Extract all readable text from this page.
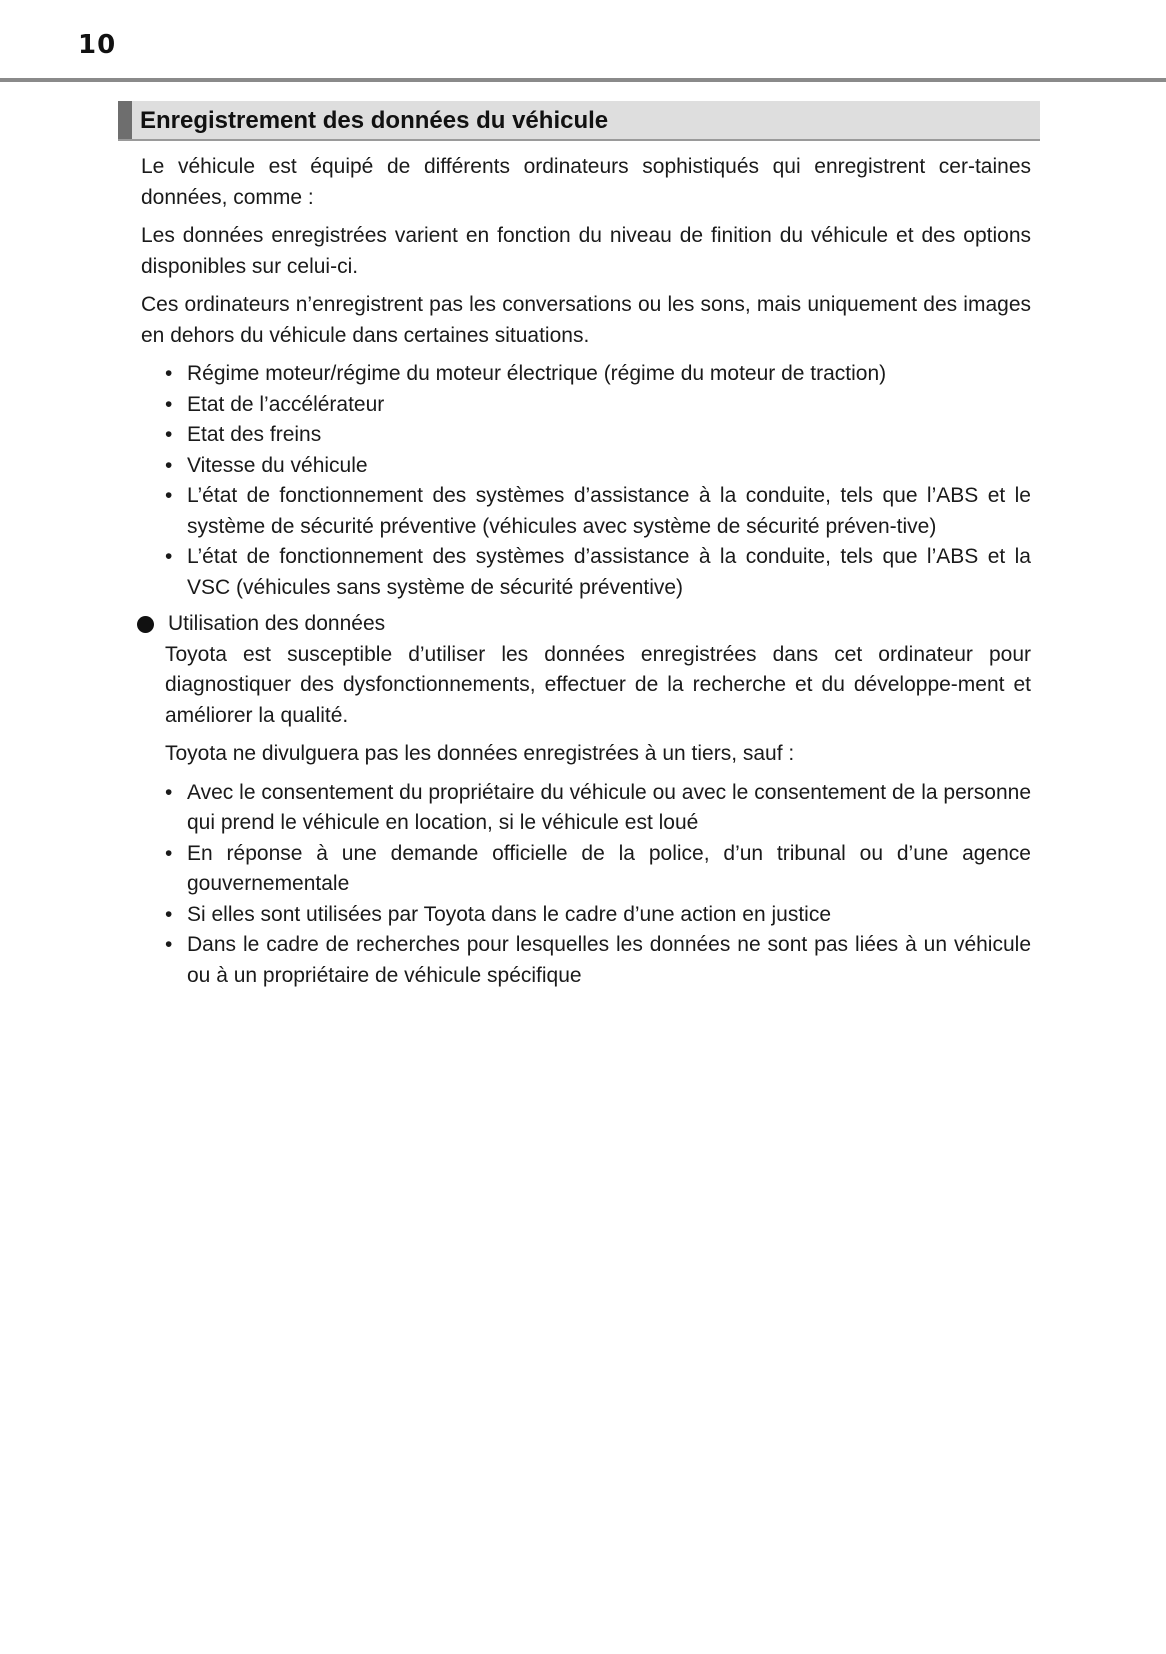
10
Enregistrement des données du véhicule

Le véhicule est équipé de différents ordinateurs sophistiqués qui enregistrent cer-taines données, comme :

Les données enregistrées varient en fonction du niveau de finition du véhicule et des options disponibles sur celui-ci.

Ces ordinateurs n’enregistrent pas les conversations ou les sons, mais uniquement des images en dehors du véhicule dans certaines situations.

• Régime moteur/régime du moteur électrique (régime du moteur de traction)
• Etat de l’accélérateur
• Etat des freins
• Vitesse du véhicule
• L’état de fonctionnement des systèmes d’assistance à la conduite, tels que l’ABS et le système de sécurité préventive (véhicules avec système de sécurité préven-tive)
• L’état de fonctionnement des systèmes d’assistance à la conduite, tels que l’ABS et la VSC (véhicules sans système de sécurité préventive)
Utilisation des données

Toyota est susceptible d’utiliser les données enregistrées dans cet ordinateur pour diagnostiquer des dysfonctionnements, effectuer de la recherche et du développe-ment et améliorer la qualité.

Toyota ne divulguera pas les données enregistrées à un tiers, sauf :

• Avec le consentement du propriétaire du véhicule ou avec le consentement de la personne qui prend le véhicule en location, si le véhicule est loué
• En réponse à une demande officielle de la police, d’un tribunal ou d’une agence gouvernementale
• Si elles sont utilisées par Toyota dans le cadre d’une action en justice
• Dans le cadre de recherches pour lesquelles les données ne sont pas liées à un véhicule ou à un propriétaire de véhicule spécifique
